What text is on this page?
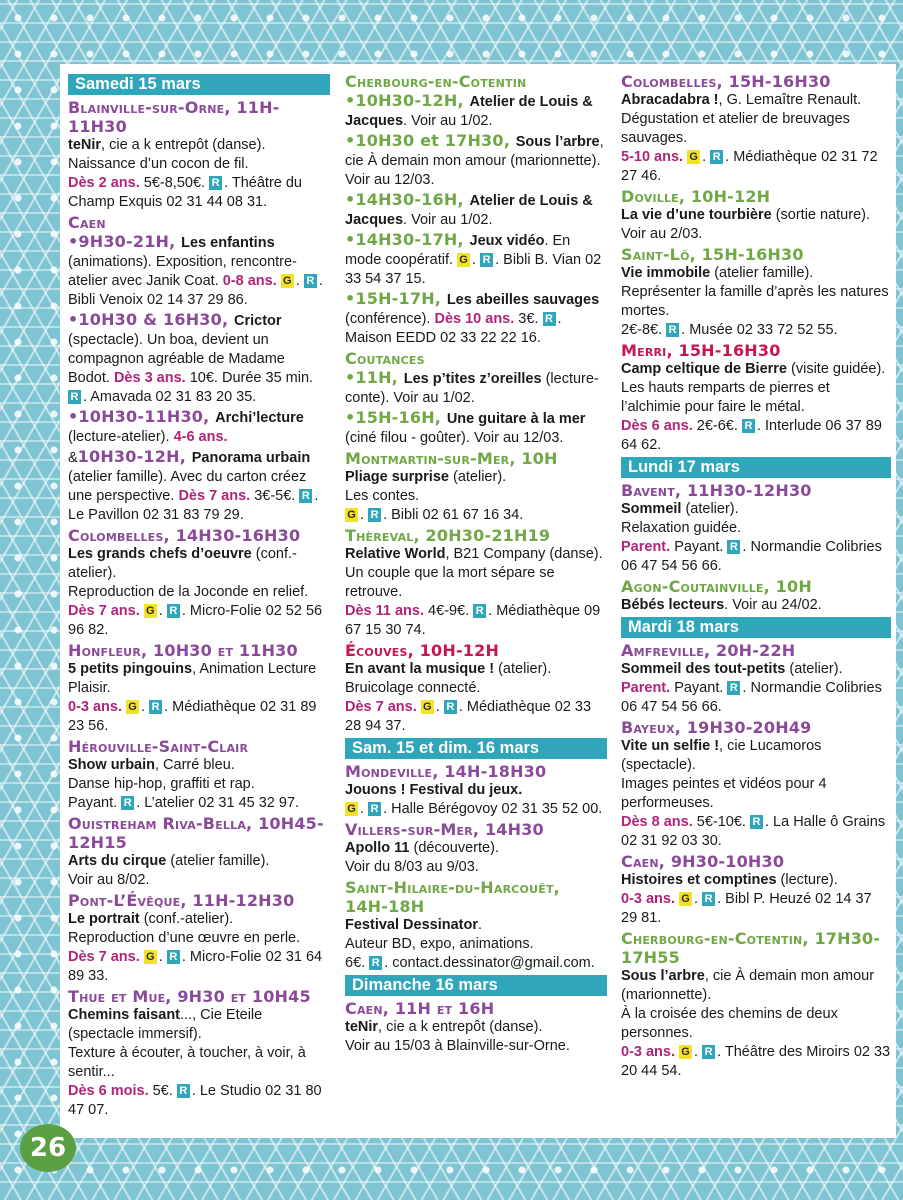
Samedi 15 mars
Blainville-sur-Orne, 11H-11H30
teNir, cie a k entrepôt (danse). Naissance d’un cocon de fil.
Dès 2 ans. 5€-8,50€. R . Théâtre du Champ Exquis 02 31 44 08 31.
Caen
•9H30-21H, Les enfantins (animations). Exposition, rencontre-atelier avec Janik Coat. 0-8 ans. G . R . Bibli Venoix 02 14 37 29 86.
•10H30 & 16H30, Crictor (spectacle). Un boa, devient un compagnon agréable de Madame Bodot. Dès 3 ans. 10€. Durée 35 min. R . Amavada 02 31 83 20 35.
•10H30-11H30, Archi’lecture (lecture-atelier). 4-6 ans.
&10H30-12H, Panorama urbain (atelier famille). Avec du carton créez une perspective. Dès 7 ans. 3€-5€. R . Le Pavillon 02 31 83 79 29.
Colombelles, 14H30-16H30
Les grands chefs d’oeuvre (conf.-atelier).
Reproduction de la Joconde en relief.
Dès 7 ans. G . R . Micro-Folie 02 52 56 96 82.
Honfleur, 10H30 et 11H30
5 petits pingouins, Animation Lecture Plaisir.
0-3 ans. G . R . Médiathèque 02 31 89 23 56.
Hérouville-Saint-Clair
Show urbain, Carré bleu.
Danse hip-hop, graffiti et rap.
Payant. R . L’atelier 02 31 45 32 97.
Ouistreham Riva-Bella, 10H45-12H15
Arts du cirque (atelier famille).
Voir au 8/02.
Pont-L’Évêque, 11H-12H30
Le portrait (conf.-atelier).
Reproduction d’une œuvre en perle.
Dès 7 ans. G . R . Micro-Folie 02 31 64 89 33.
Thue et Mue, 9H30 et 10H45
Chemins faisant..., Cie Eteile (spectacle immersif).
Texture à écouter, à toucher, à voir, à sentir...
Dès 6 mois. 5€. R . Le Studio 02 31 80 47 07.
Cherbourg-en-Cotentin
•10H30-12H, Atelier de Louis & Jacques. Voir au 1/02.
•10H30 et 17H30, Sous l’arbre, cie À demain mon amour (marionnette). Voir au 12/03.
•14H30-16H, Atelier de Louis & Jacques. Voir au 1/02.
•14H30-17H, Jeux vidéo. En mode coopératif. G . R . Bibli B. Vian 02 33 54 37 15.
•15H-17H, Les abeilles sauvages (conférence). Dès 10 ans. 3€. R . Maison EEDD 02 33 22 22 16.
Coutances
•11H, Les p’tites z’oreilles (lecture-conte). Voir au 1/02.
•15H-16H, Une guitare à la mer (ciné filou - goûter). Voir au 12/03.
Montmartin-sur-Mer, 10H
Pliage surprise (atelier).
Les contes.
G . R . Bibli 02 61 67 16 34.
Thèreval, 20H30-21H19
Relative World, B21 Company (danse).
Un couple que la mort sépare se retrouve.
Dès 11 ans. 4€-9€. R . Médiathèque 09 67 15 30 74.
Écouves, 10H-12H
En avant la musique ! (atelier). Bruicolage connecté.
Dès 7 ans. G . R . Médiathèque 02 33 28 94 37.
Sam. 15 et dim. 16 mars
Mondeville, 14H-18H30
Jouons ! Festival du jeux.
G . R . Halle Bérégovoy 02 31 35 52 00.
Villers-sur-Mer, 14H30
Apollo 11 (découverte).
Voir du 8/03 au 9/03.
Saint-Hilaire-du-Harcouët, 14H-18H
Festival Dessinator.
Auteur BD, expo, animations.
6€. R . contact.dessinator@gmail.com.
Dimanche 16 mars
Caen, 11H et 16H
teNir, cie a k entrepôt (danse).
Voir au 15/03 à Blainville-sur-Orne.
Colombelles, 15H-16H30
Abracadabra !, G. Lemaître Renault. Dégustation et atelier de breuvages sauvages.
5-10 ans. G . R . Médiathèque 02 31 72 27 46.
Doville, 10H-12H
La vie d’une tourbière (sortie nature). Voir au 2/03.
Saint-Lô, 15H-16H30
Vie immobile (atelier famille).
Représenter la famille d’après les natures mortes.
2€-8€. R . Musée 02 33 72 52 55.
Merri, 15H-16H30
Camp celtique de Bierre (visite guidée).
Les hauts remparts de pierres et l’alchimie pour faire le métal.
Dès 6 ans. 2€-6€. R . Interlude 06 37 89 64 62.
Lundi 17 mars
Bavent, 11H30-12H30
Sommeil (atelier).
Relaxation guidée.
Parent. Payant. R . Normandie Colibries 06 47 54 56 66.
Agon-Coutainville, 10H
Bébés lecteurs. Voir au 24/02.
Mardi 18 mars
Amfreville, 20H-22H
Sommeil des tout-petits (atelier).
Parent. Payant. R . Normandie Colibries 06 47 54 56 66.
Bayeux, 19H30-20H49
Vite un selfie !, cie Lucamoros (spectacle).
Images peintes et vidéos pour 4 performeuses.
Dès 8 ans. 5€-10€. R . La Halle ô Grains 02 31 92 03 30.
Caen, 9H30-10H30
Histoires et comptines (lecture).
0-3 ans. G . R . Bibl P. Heuzé 02 14 37 29 81.
Cherbourg-en-Cotentin, 17H30-17H55
Sous l’arbre, cie À demain mon amour (marionnette).
À la croisée des chemins de deux personnes.
0-3 ans. G . R . Théâtre des Miroirs 02 33 20 44 54.
26
